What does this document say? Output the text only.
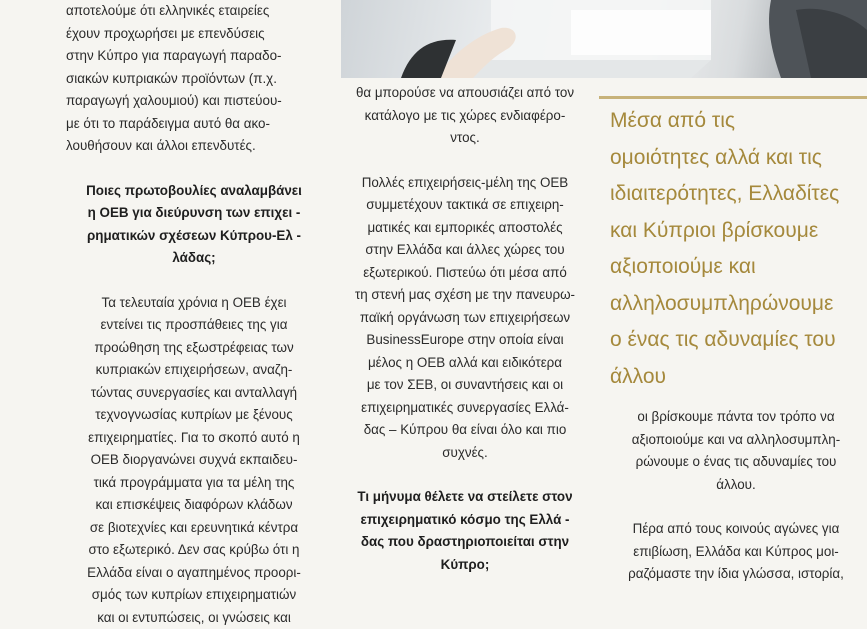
αποτελούμε ότι ελληνικές εταιρείες
έχουν προχωρήσει με επενδύσεις
στην Κύπρο για παραγωγή παραδο-
σιακών κυπριακών προϊόντων (π.χ.
παραγωγή χαλουμιού) και πιστεύου-
με ότι το παράδειγμα αυτό θα ακο-
λουθήσουν και άλλοι επενδυτές.

Ποιες πρωτοβουλίες αναλαμβάνει
η ΟΕΒ για διεύρυνση των επιχει -
ρηματικών σχέσεων Κύπρου-Ελ -
λάδας;

Τα τελευταία χρόνια η ΟΕΒ έχει
εντείνει τις προσπάθειες της για
προώθηση της εξωστρέφειας των
κυπριακών επιχειρήσεων, αναζη-
τώντας συνεργασίες και ανταλλαγή
τεχνογνωσίας κυπρίων με ξένους
επιχειρηματίες. Για το σκοπό αυτό η
ΟΕΒ διοργανώνει συχνά εκπαιδευ-
τικά προγράμματα για τα μέλη της
και επισκέψεις διαφόρων κλάδων
σε βιοτεχνίες και ερευνητικά κέντρα
στο εξωτερικό. Δεν σας κρύβω ότι η
Ελλάδα είναι ο αγαπημένος προορι-
σμός των κυπρίων επιχειρηματιών
και οι εντυπώσεις, οι γνώσεις και

θα μπορούσε να απουσιάζει από τον
κατάλογο με τις χώρες ενδιαφέρο-
ντος.

Πολλές επιχειρήσεις-μέλη της ΟΕΒ
συμμετέχουν τακτικά σε επιχειρη-
ματικές και εμπορικές αποστολές
στην Ελλάδα και άλλες χώρες του
εξωτερικού. Πιστεύω ότι μέσα από
τη στενή μας σχέση με την πανευρω-
παϊκή οργάνωση των επιχειρήσεων
BusinessEurope στην οποία είναι
μέλος η ΟΕΒ αλλά και ειδικότερα
με τον ΣΕΒ, οι συναντήσεις και οι
επιχειρηματικές συνεργασίες Ελλά-
δας – Κύπρου θα είναι όλο και πιο
συχνές.

Τι μήνυμα θέλετε να στείλετε στον
επιχειρηματικό κόσμο της Ελλά -
δας που δραστηριοποιείται στην
Κύπρο;

Μέσα από τις
ομοιότητες αλλά και τις
ιδιαιτερότητες, Ελλαδίτες
και Κύπριοι βρίσκουμε
αξιοποιούμε και
αλληλοσυμπληρώνουμε
ο ένας τις αδυναμίες του
άλλου

οι βρίσκουμε πάντα τον τρόπο να
αξιοποιούμε και να αλληλοσυμπλη-
ρώνουμε ο ένας τις αδυναμίες του
άλλου.

Πέρα από τους κοινούς αγώνες για
επιβίωση, Ελλάδα και Κύπρος μοι-
ραζόμαστε την ίδια γλώσσα, ιστορία,
